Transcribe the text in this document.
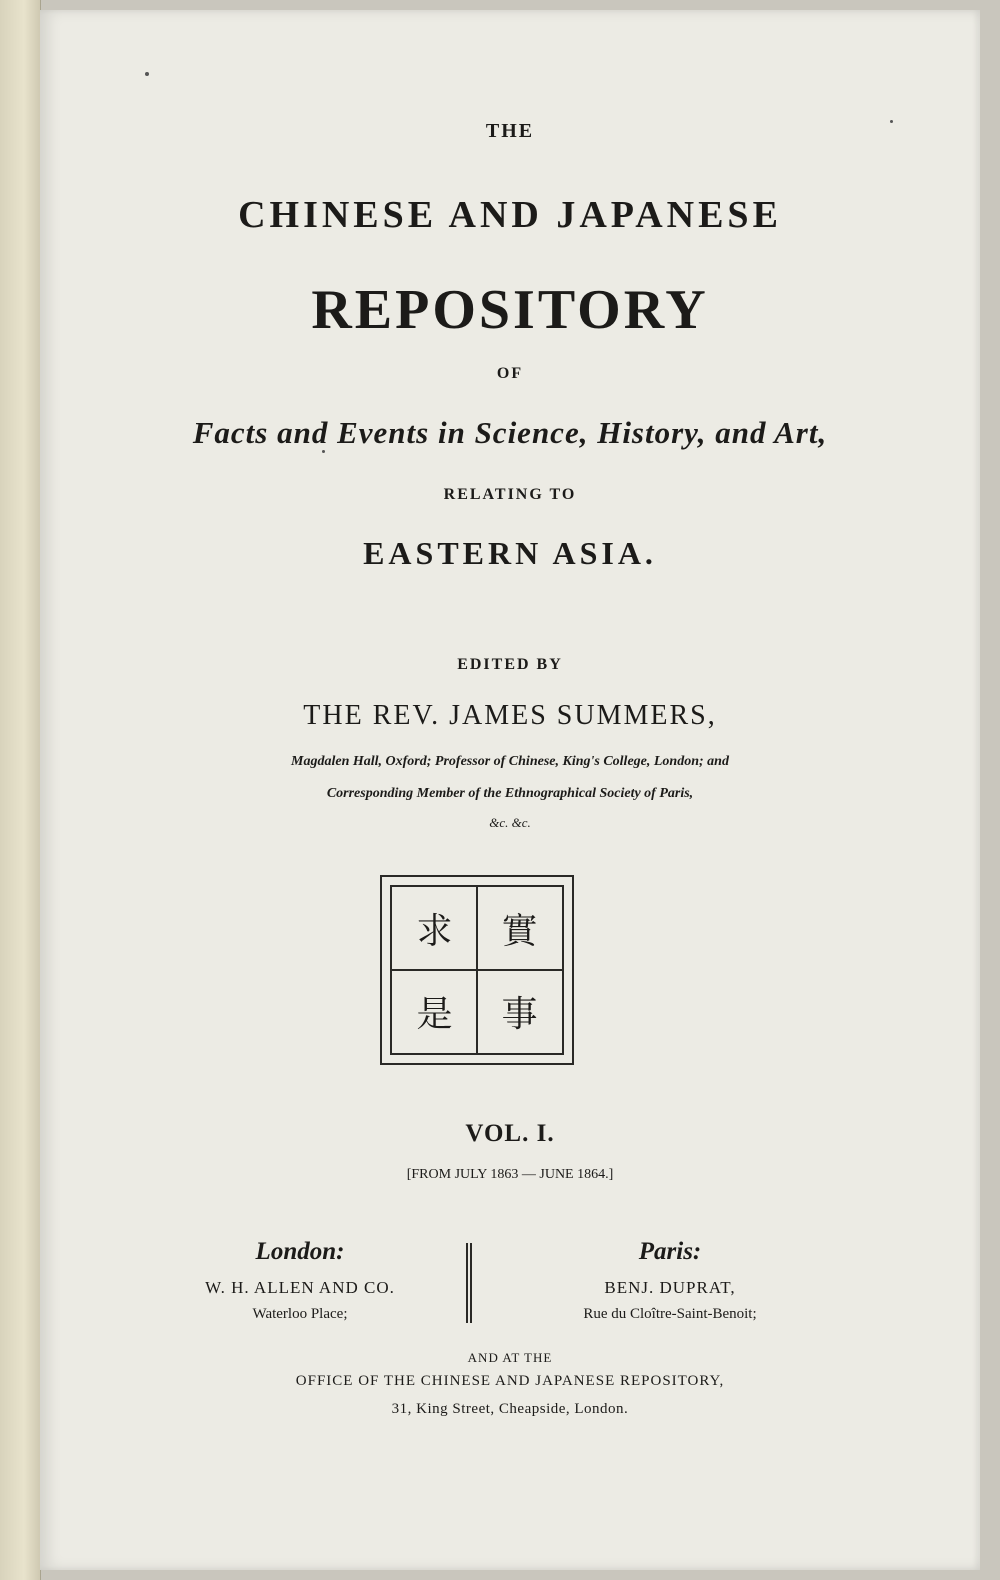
THE

CHINESE AND JAPANESE

REPOSITORY

OF

Facts and Events in Science, History, and Art,

RELATING TO

EASTERN ASIA.

EDITED BY

THE REV. JAMES SUMMERS,

Magdalen Hall, Oxford; Professor of Chinese, King's College, London; and

Corresponding Member of the Ethnographical Society of Paris,

&c. &c.

實
事
求
是

VOL. I.

[FROM JULY 1863 — JUNE 1864.]

London:
W. H. ALLEN AND CO.
Waterloo Place;
Paris:
BENJ. DUPRAT,
Rue du Cloître-Saint-Benoit;

AND AT THE

OFFICE OF THE CHINESE AND JAPANESE REPOSITORY,

31, King Street, Cheapside, London.
